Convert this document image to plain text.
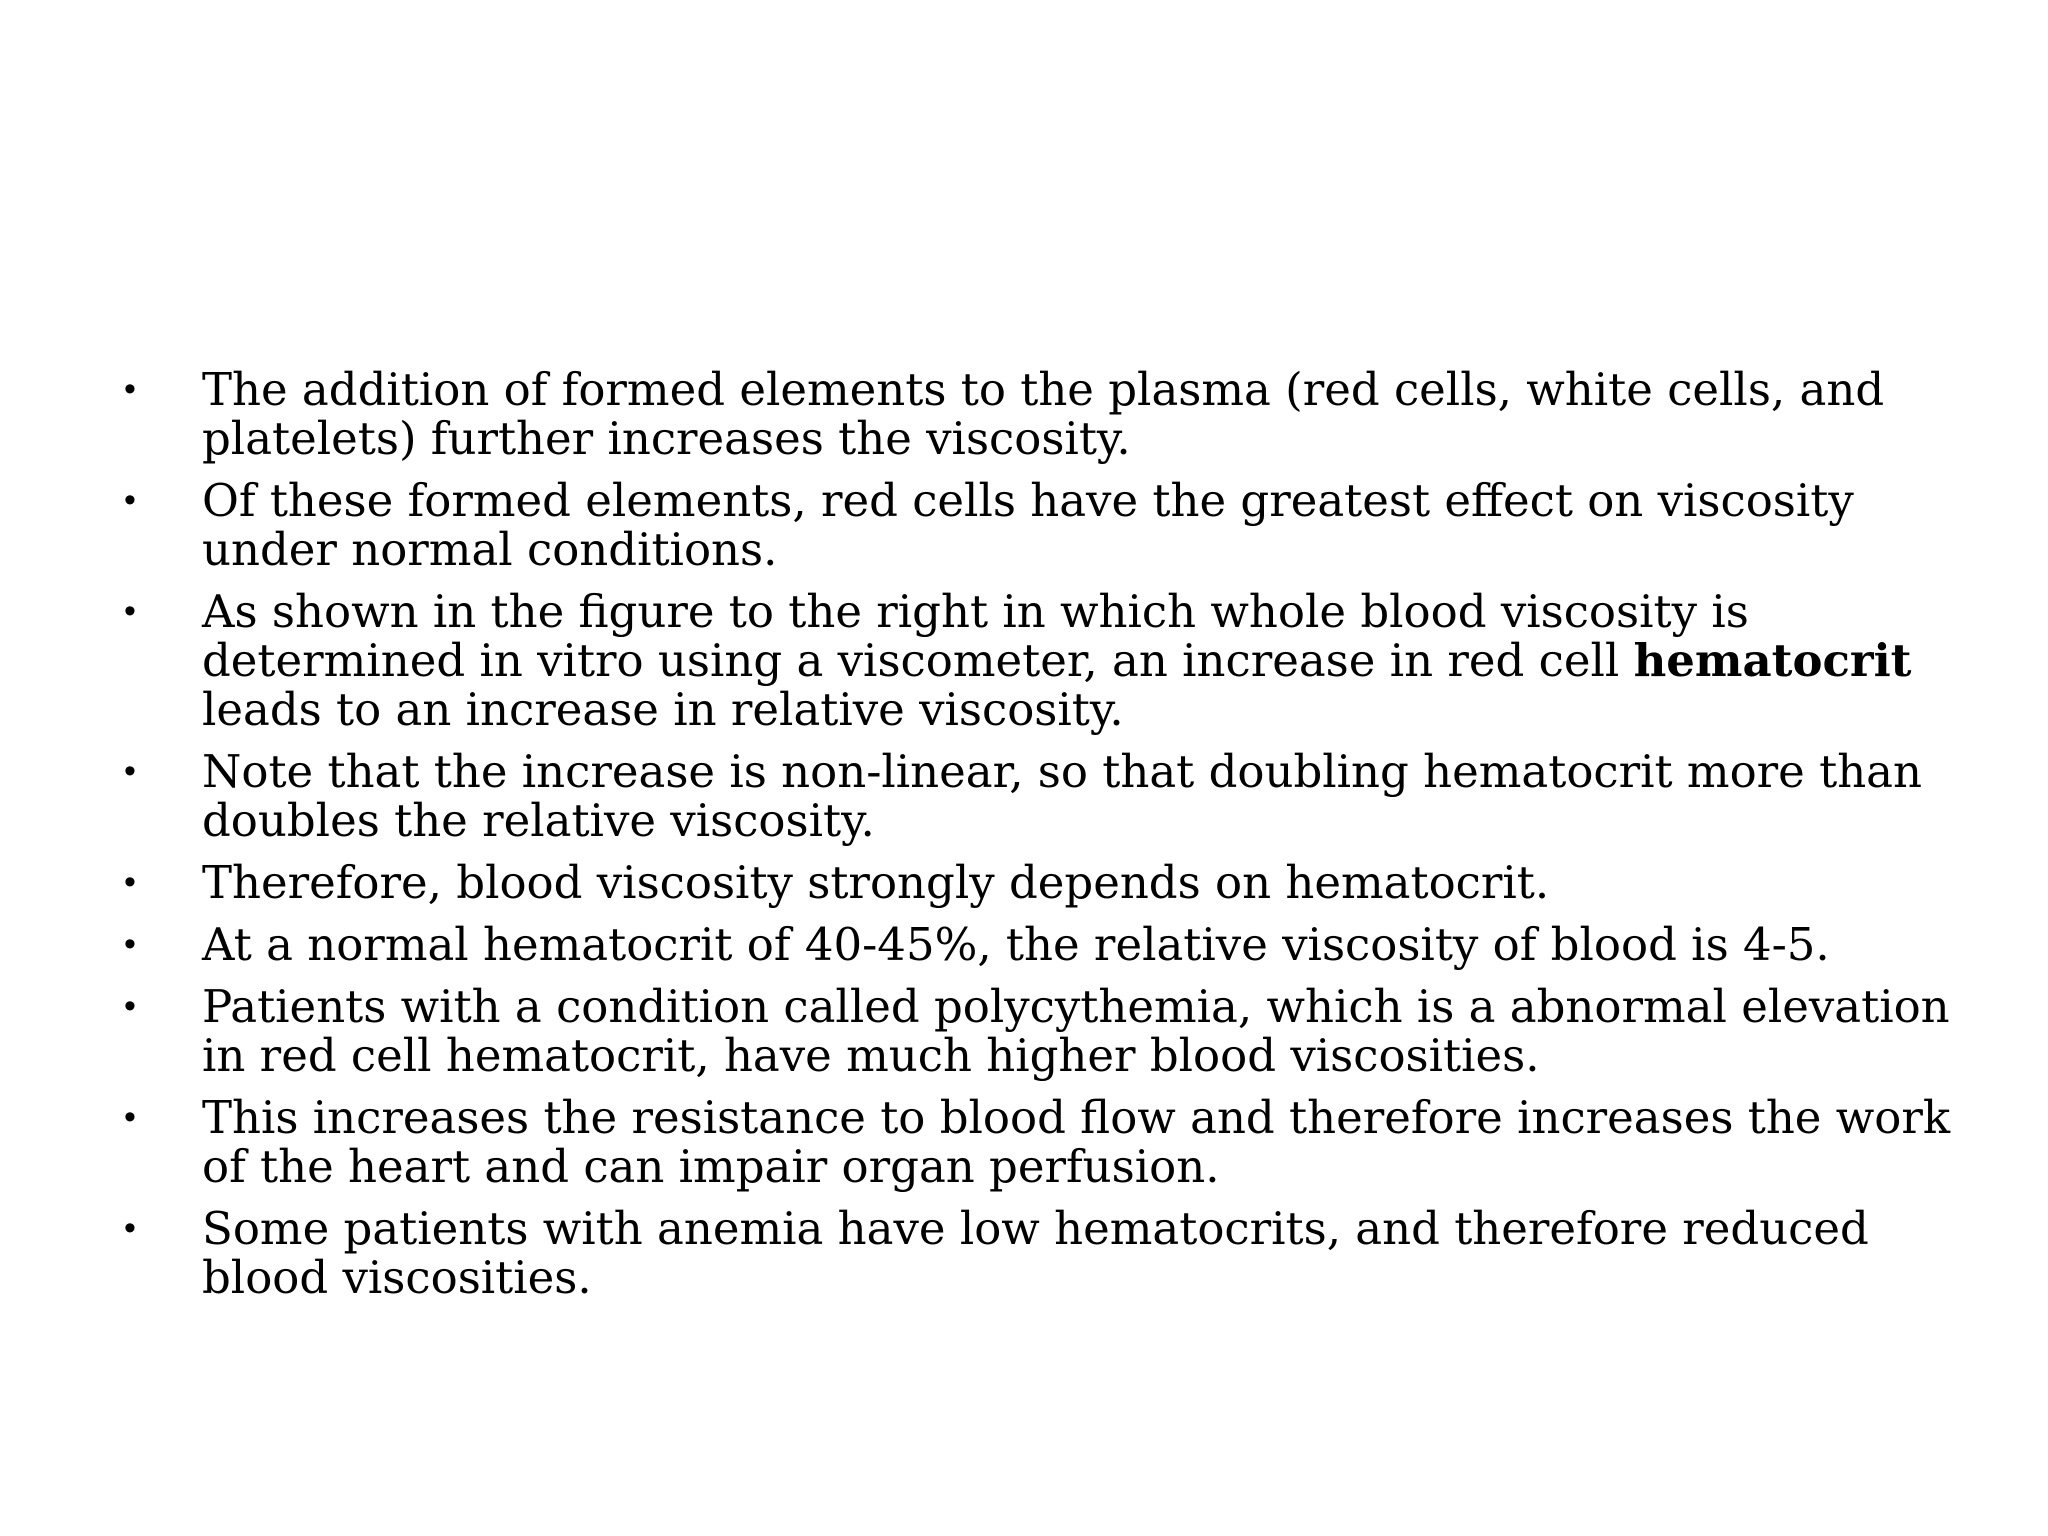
• The addition of formed elements to the plasma (red cells, white cells, and platelets) further increases the viscosity.
• Of these formed elements, red cells have the greatest effect on viscosity under normal conditions.
• As shown in the figure to the right in which whole blood viscosity is determined in vitro using a viscometer, an increase in red cell hematocrit leads to an increase in relative viscosity.
• Note that the increase is non-linear, so that doubling hematocrit more than doubles the relative viscosity.
• Therefore, blood viscosity strongly depends on hematocrit.
• At a normal hematocrit of 40-45%, the relative viscosity of blood is 4-5.
• Patients with a condition called polycythemia, which is a abnormal elevation in red cell hematocrit, have much higher blood viscosities.
• This increases the resistance to blood flow and therefore increases the work of the heart and can impair organ perfusion.
• Some patients with anemia have low hematocrits, and therefore reduced blood viscosities.
